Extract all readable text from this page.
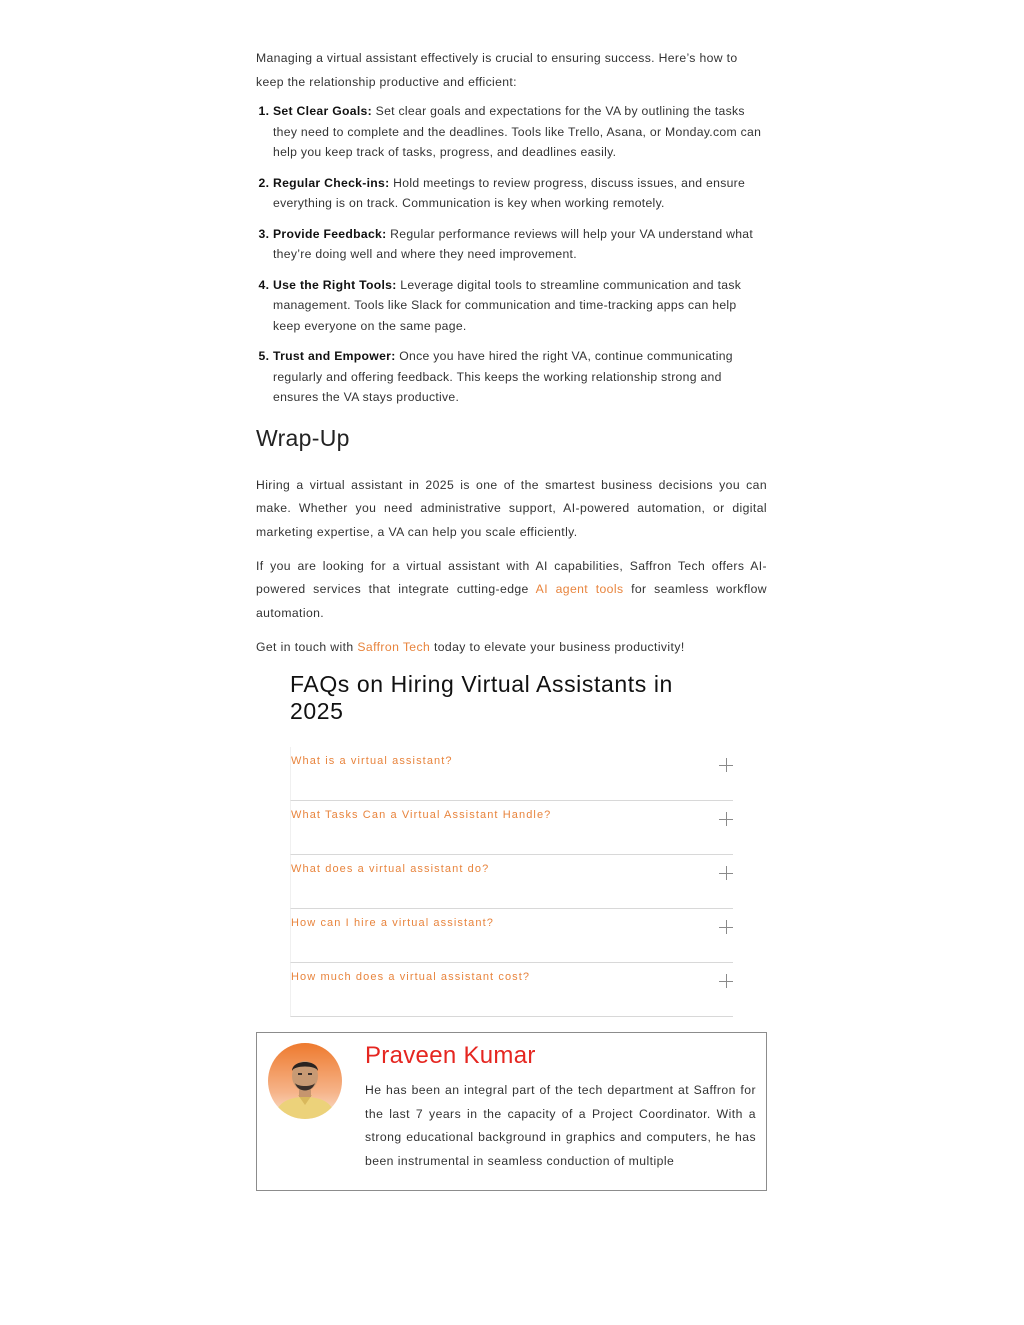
Managing a virtual assistant effectively is crucial to ensuring success. Here’s how to keep the relationship productive and efficient:

1. Set Clear Goals: Set clear goals and expectations for the VA by outlining the tasks they need to complete and the deadlines. Tools like Trello, Asana, or Monday.com can help you keep track of tasks, progress, and deadlines easily.
2. Regular Check-ins: Hold meetings to review progress, discuss issues, and ensure everything is on track. Communication is key when working remotely.
3. Provide Feedback: Regular performance reviews will help your VA understand what they’re doing well and where they need improvement.
4. Use the Right Tools: Leverage digital tools to streamline communication and task management. Tools like Slack for communication and time-tracking apps can help keep everyone on the same page.
5. Trust and Empower: Once you have hired the right VA, continue communicating regularly and offering feedback. This keeps the working relationship strong and ensures the VA stays productive.
Wrap-Up

Hiring a virtual assistant in 2025 is one of the smartest business decisions you can make. Whether you need administrative support, AI-powered automation, or digital marketing expertise, a VA can help you scale efficiently.

If you are looking for a virtual assistant with AI capabilities, Saffron Tech offers AI-powered services that integrate cutting-edge AI agent tools for seamless workflow automation.

Get in touch with Saffron Tech today to elevate your business productivity!

FAQs on Hiring Virtual Assistants in 2025
What is a virtual assistant?
What Tasks Can a Virtual Assistant Handle?
What does a virtual assistant do?
How can I hire a virtual assistant?
How much does a virtual assistant cost?
Praveen Kumar

He has been an integral part of the tech department at Saffron for the last 7 years in the capacity of a Project Coordinator. With a strong educational background in graphics and computers, he has been instrumental in seamless conduction of multiple
